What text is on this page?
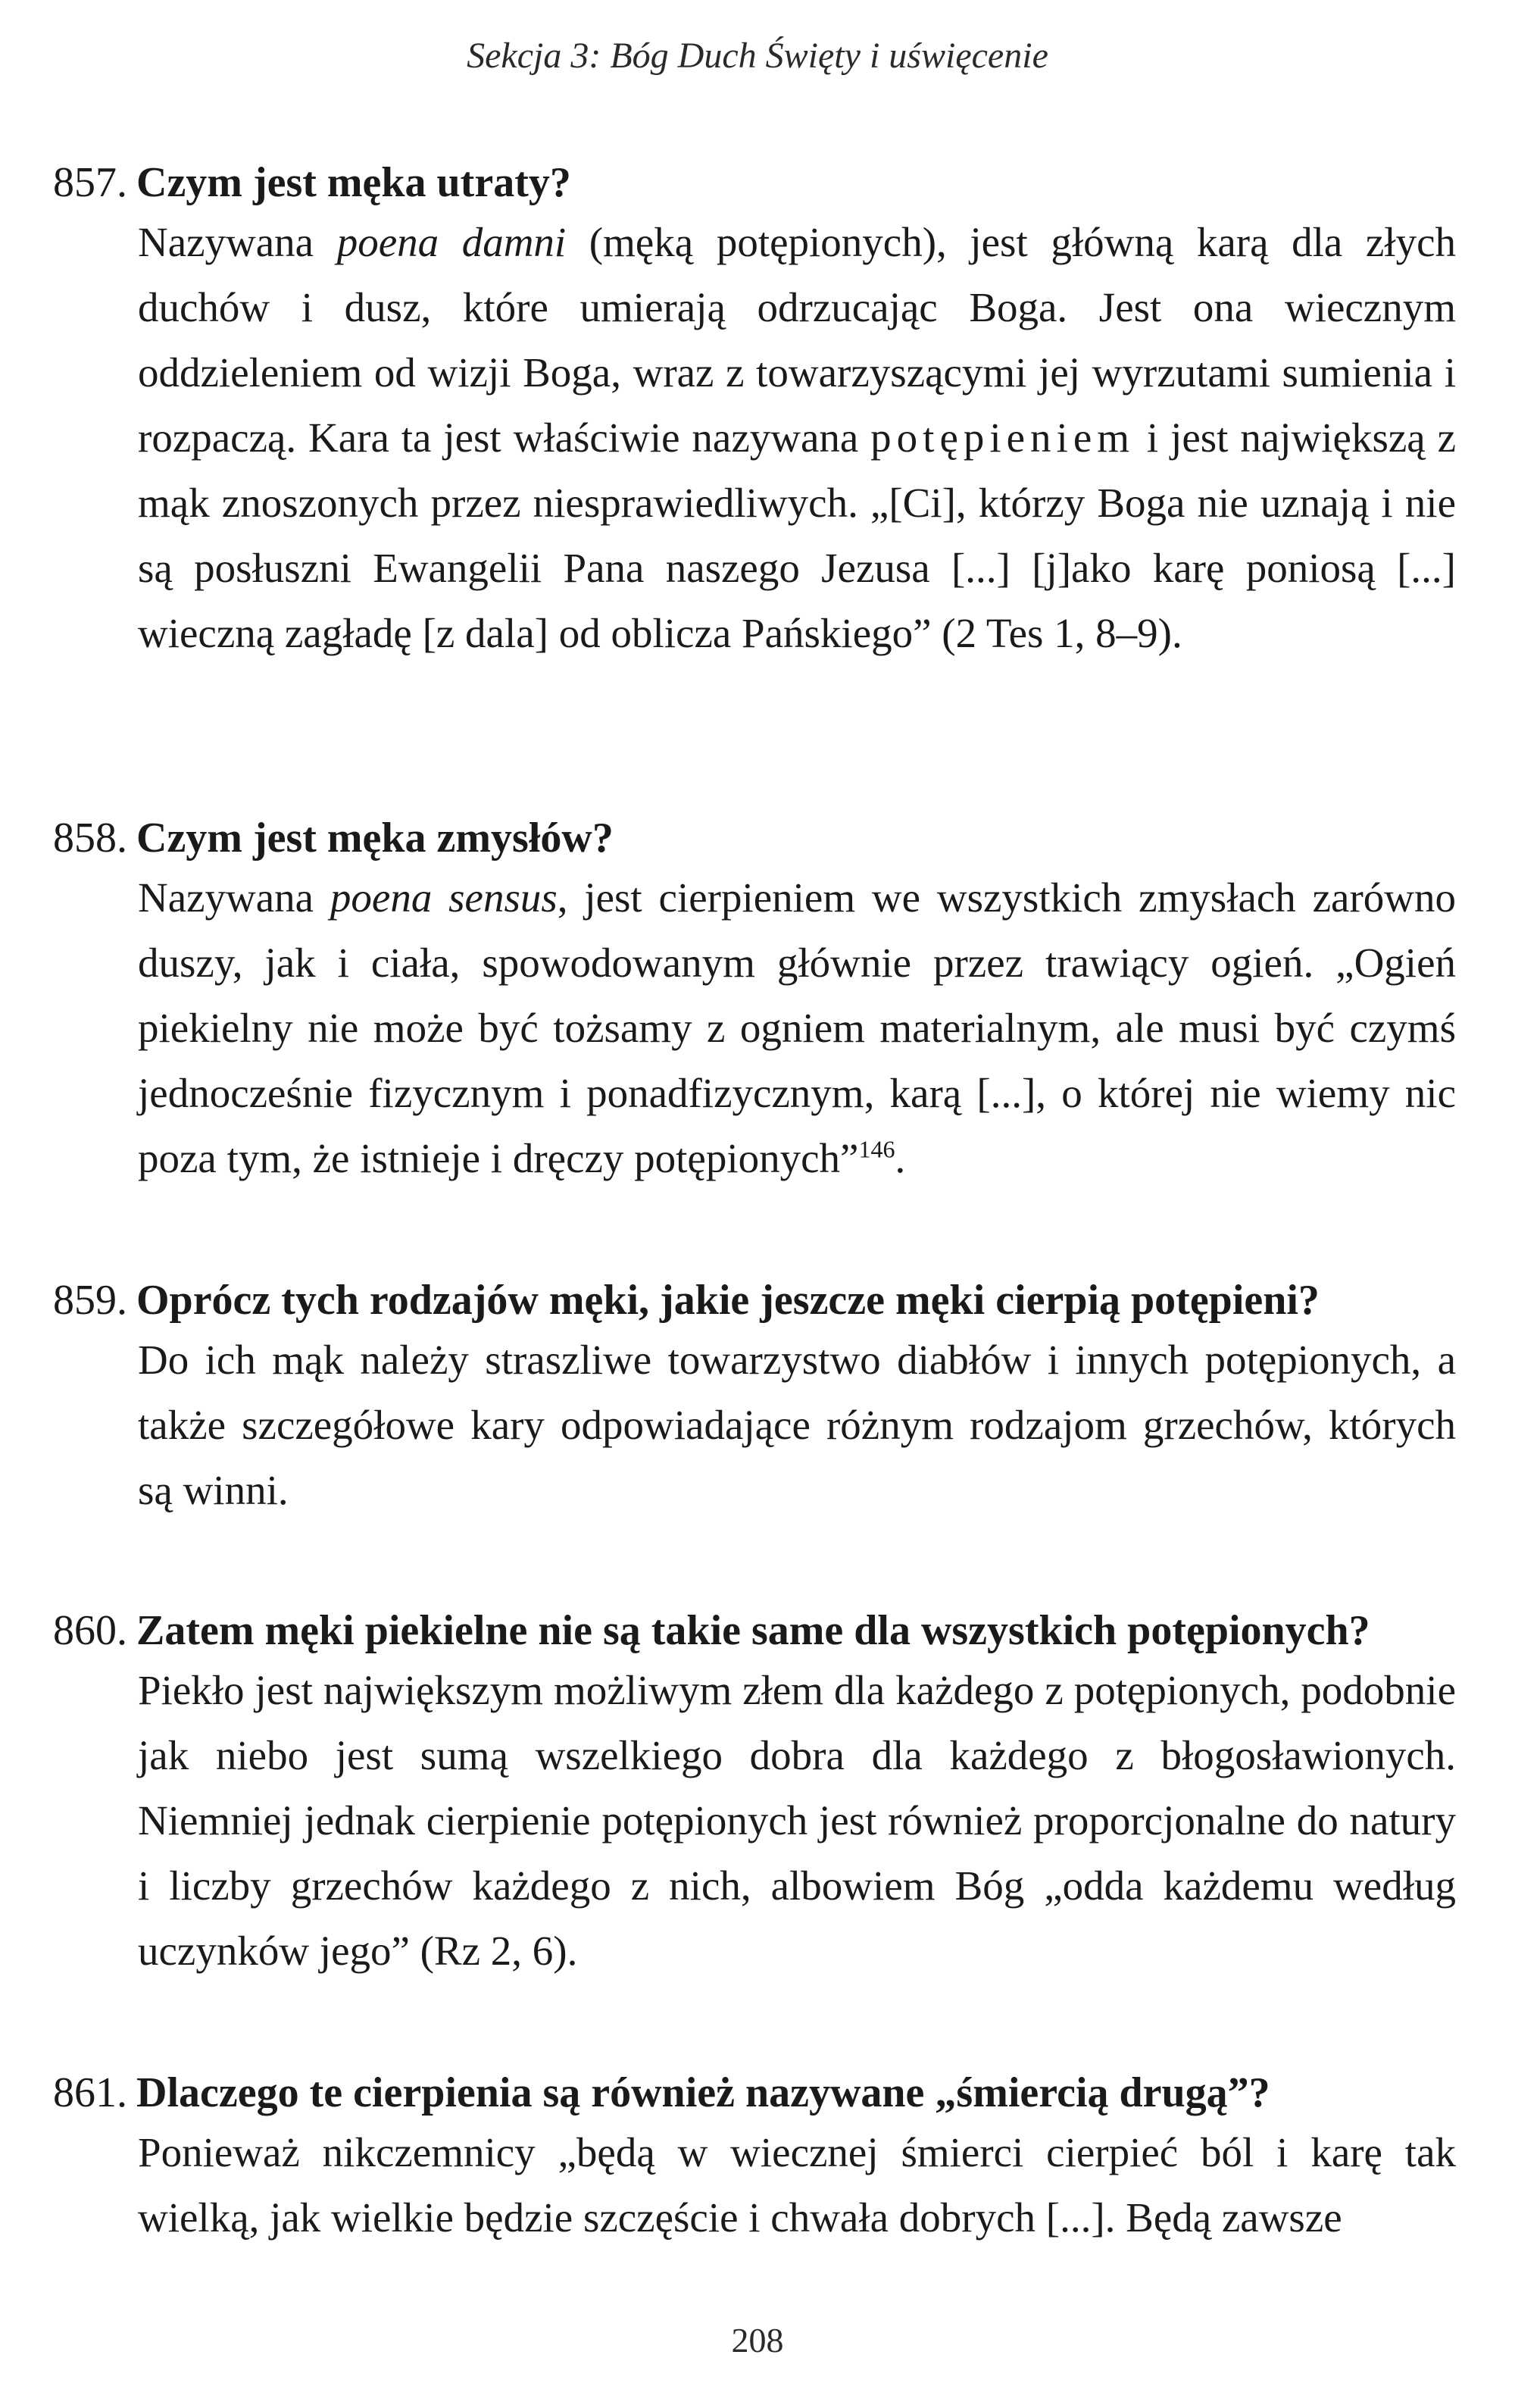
Sekcja 3: Bóg Duch Święty i uświęcenie
857. Czym jest męka utraty?
Nazywana poena damni (męką potępionych), jest główną karą dla złych duchów i dusz, które umierają odrzucając Boga. Jest ona wiecznym oddzieleniem od wizji Boga, wraz z towarzyszącymi jej wyrzutami sumienia i rozpaczą. Kara ta jest właściwie nazywana potępieniem i jest największą z mąk znoszonych przez niesprawiedliwych. „[Ci], którzy Boga nie uznają i nie są posłuszni Ewangelii Pana naszego Jezusa [...] [j]ako karę poniosą [...] wieczną zagładę [z dala] od oblicza Pańskiego” (2 Tes 1, 8–9).
858. Czym jest męka zmysłów?
Nazywana poena sensus, jest cierpieniem we wszystkich zmysłach zarówno duszy, jak i ciała, spowodowanym głównie przez trawiący ogień. „Ogień piekielny nie może być tożsamy z ogniem materialnym, ale musi być czymś jednocześnie fizycznym i ponadfizycznym, karą [...], o której nie wiemy nic poza tym, że istnieje i dręczy potępionych”$^{146}$.
859. Oprócz tych rodzajów męki, jakie jeszcze męki cierpią potępieni?
Do ich mąk należy straszliwe towarzystwo diabłów i innych potępionych, a także szczegółowe kary odpowiadające różnym rodzajom grzechów, których są winni.
860. Zatem męki piekielne nie są takie same dla wszystkich potępionych?
Piekło jest największym możliwym złem dla każdego z potępionych, podobnie jak niebo jest sumą wszelkiego dobra dla każdego z błogosławionych. Niemniej jednak cierpienie potępionych jest również proporcjonalne do natury i liczby grzechów każdego z nich, albowiem Bóg „odda każdemu według uczynków jego” (Rz 2, 6).
861. Dlaczego te cierpienia są również nazywane „śmiercią drugą”?
Ponieważ nikczemnicy „będą w wiecznej śmierci cierpieć ból i karę tak wielką, jak wielkie będzie szczęście i chwała dobrych [...]. Będą zawsze
208
